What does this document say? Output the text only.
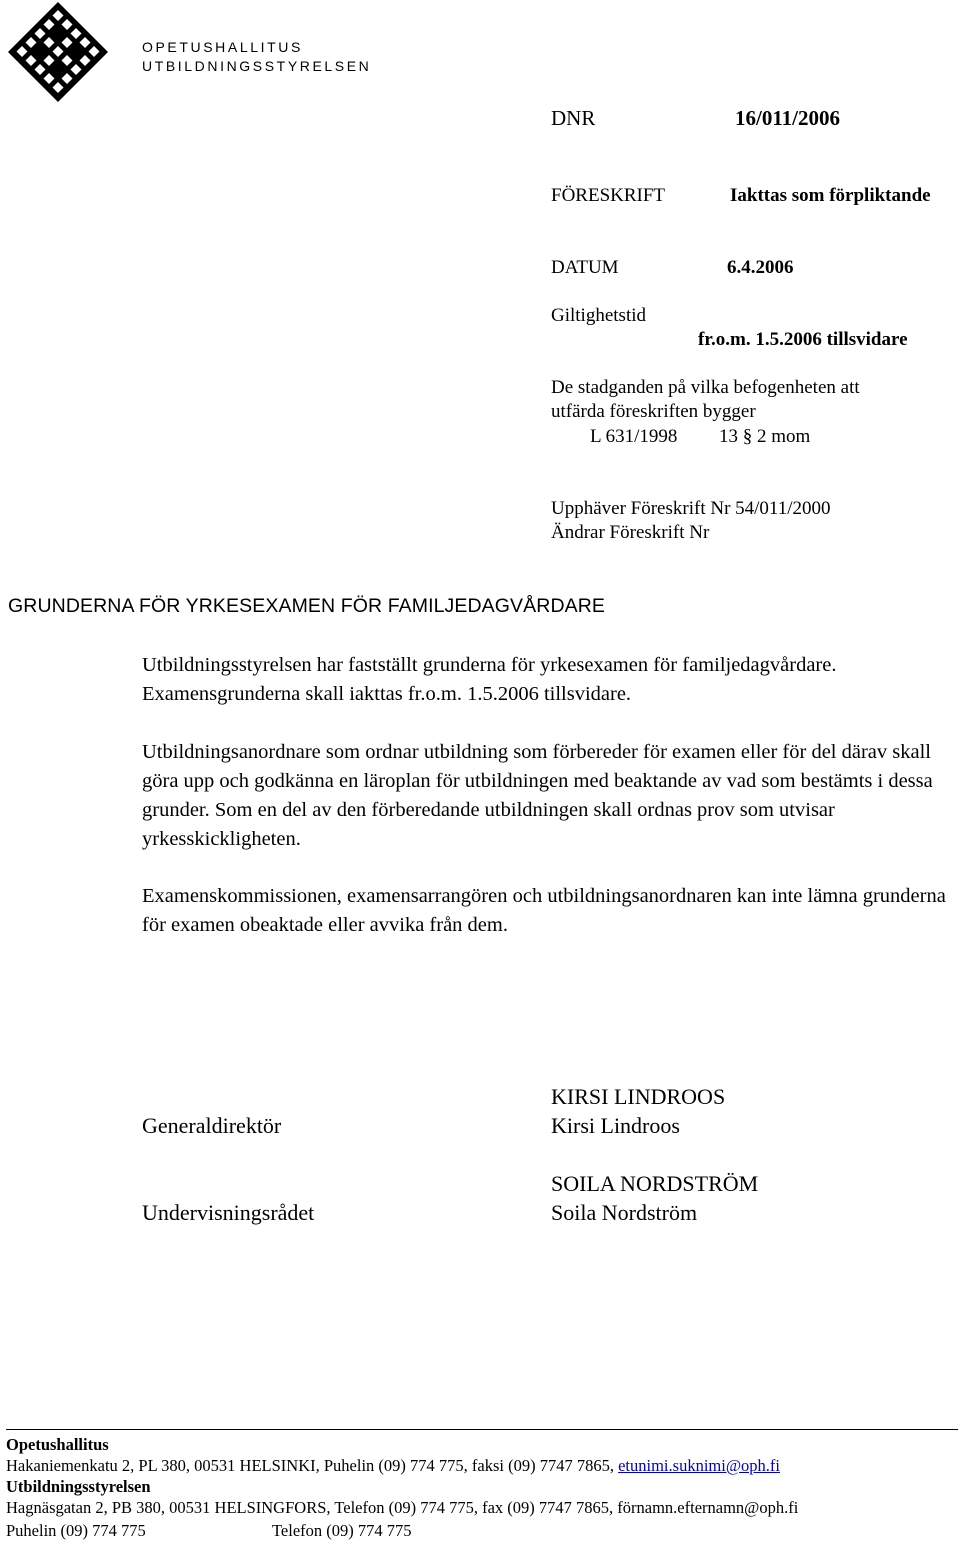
OPETUSHALLITUS
UTBILDNINGSSTYRELSEN
DNR	16/011/2006
FÖRESKRIFT	Iakttas som förpliktande
DATUM	6.4.2006
Giltighetstid
fr.o.m. 1.5.2006 tillsvidare
De stadganden på vilka befogenheten att
utfärda föreskriften bygger
L 631/1998 13 § 2 mom
Upphäver Föreskrift Nr 54/011/2000
Ändrar Föreskrift Nr
GRUNDERNA FÖR YRKESEXAMEN FÖR FAMILJEDAGVÅRDARE

Utbildningsstyrelsen har fastställt grunderna för yrkesexamen för familjedagvårdare. Examensgrunderna skall iakttas fr.o.m. 1.5.2006 tillsvidare.

Utbildningsanordnare som ordnar utbildning som förbereder för examen eller för del därav skall göra upp och godkänna en läroplan för utbildningen med beaktande av vad som bestämts i dessa grunder. Som en del av den förberedande utbildningen skall ordnas prov som utvisar yrkesskickligheten.

Examenskommissionen, examensarrangören och utbildningsanordnaren kan inte lämna grunderna för examen obeaktade eller avvika från dem.

KIRSI LINDROOS
Generaldirektör	Kirsi Lindroos
SOILA NORDSTRÖM
Undervisningsrådet	Soila Nordström
Opetushallitus
Hakaniemenkatu 2, PL 380, 00531 HELSINKI, Puhelin (09) 774 775, faksi (09) 7747 7865, etunimi.suknimi@oph.fi
Utbildningsstyrelsen
Hagnäsgatan 2, PB 380, 00531 HELSINGFORS, Telefon (09) 774 775, fax (09) 7747 7865, förnamn.efternamn@oph.fi
Puhelin (09) 774 775	Telefon (09) 774 775
